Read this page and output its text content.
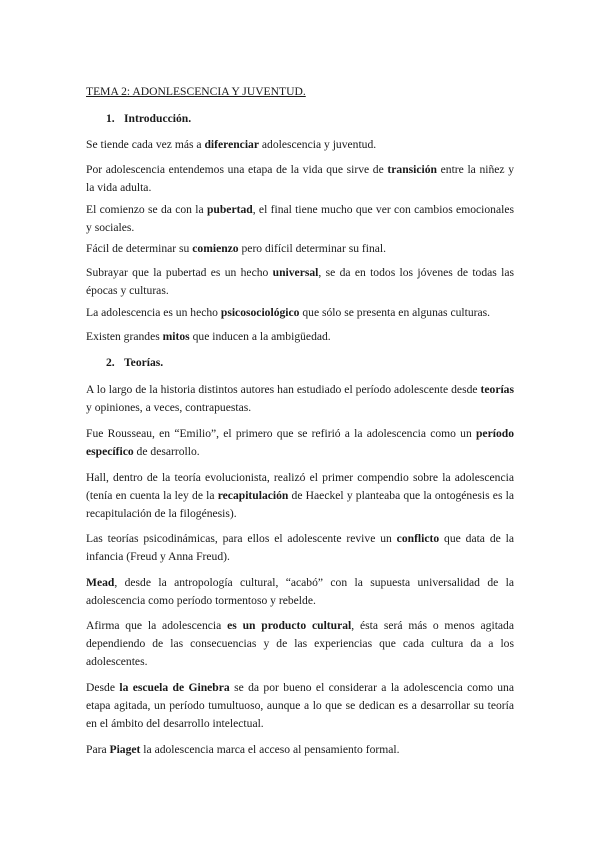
TEMA 2: ADONLESCENCIA Y JUVENTUD.
1. Introducción.

Se tiende cada vez más a diferenciar adolescencia y juventud.

Por adolescencia entendemos una etapa de la vida que sirve de transición entre la niñez y la vida adulta.

El comienzo se da con la pubertad, el final tiene mucho que ver con cambios emocionales y sociales.

Fácil de determinar su comienzo pero difícil determinar su final.

Subrayar que la pubertad es un hecho universal, se da en todos los jóvenes de todas las épocas y culturas.

La adolescencia es un hecho psicosociológico que sólo se presenta en algunas culturas.

Existen grandes mitos que inducen a la ambigüedad.

2. Teorías.

A lo largo de la historia distintos autores han estudiado el período adolescente desde teorías y opiniones, a veces, contrapuestas.

Fue Rousseau, en “Emilio”, el primero que se refirió a la adolescencia como un período específico de desarrollo.

Hall, dentro de la teoría evolucionista, realizó el primer compendio sobre la adolescencia (tenía en cuenta la ley de la recapitulación de Haeckel y planteaba que la ontogénesis es la recapitulación de la filogénesis).

Las teorías psicodinámicas, para ellos el adolescente revive un conflicto que data de la infancia (Freud y Anna Freud).

Mead, desde la antropología cultural, “acabó” con la supuesta universalidad de la adolescencia como período tormentoso y rebelde.

Afirma que la adolescencia es un producto cultural, ésta será más o menos agitada dependiendo de las consecuencias y de las experiencias que cada cultura da a los adolescentes.

Desde la escuela de Ginebra se da por bueno el considerar a la adolescencia como una etapa agitada, un período tumultuoso, aunque a lo que se dedican es a desarrollar su teoría en el ámbito del desarrollo intelectual.

Para Piaget la adolescencia marca el acceso al pensamiento formal.
